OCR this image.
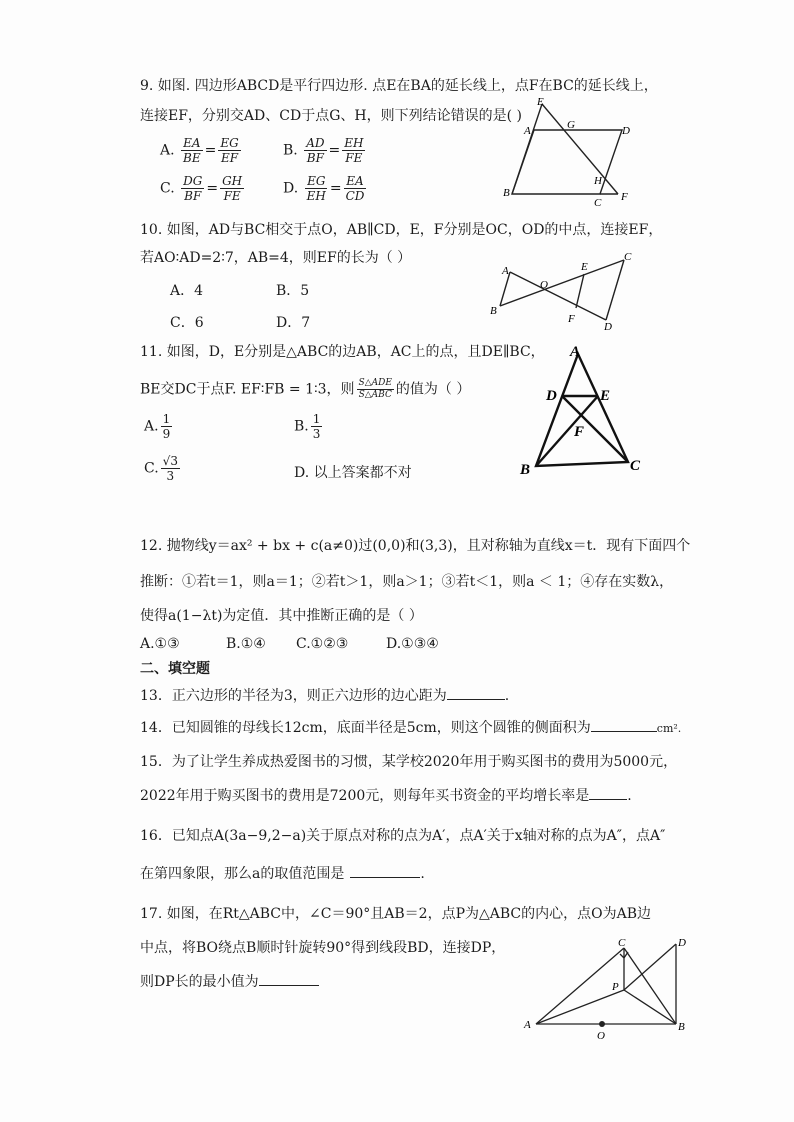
9. 如图. 四边形ABCD是平行四边形. 点E在BA的延长线上，点F在BC的延长线上，
连接EF，分别交AD、CD于点G、H，则下列结论错误的是( )
A. $\frac{EA}{BE} = \frac{EG}{EF}$	B. $\frac{AD}{BF} = \frac{EH}{FE}$
C. $\frac{DG}{BF} = \frac{GH}{FE}$	D. $\frac{EG}{EH} = \frac{EA}{CD}$
E
A	G	D
B
C
H
F
10. 如图，AD与BC相交于点O，AB∥CD，E，F分别是OC，OD的中点，连接EF，
若AO∶AD=2∶7，AB=4，则EF的长为（ ）
A．4	B．5
C．6	D．7
A
O
E
C
B
F
D
11. 如图，D，E分别是△ABC的边AB，AC上的点，且DE∥BC，
BE交DC于点F. EF∶FB = 1∶3，则 S△ADE
S△ABC 的值为（ ）
A. $\frac{1}{9}$	B. $\frac{1}{3}$
C. $\frac{√3}{3}$	D. 以上答案都不对
A
D	E
F
B	C
12. 抛物线y＝ax² + bx + c(a≠0)过(0,0)和(3,3)，且对称轴为直线x＝t．现有下面四个
推断：①若t＝1，则a＝1；②若t＞1，则a＞1；③若t＜1，则a ＜ 1；④存在实数λ，
使得a(1−λt)为定值．其中推断正确的是（ ）
A.①③	B.①④ C.①②③	D.①③④
二、填空题
13．正六边形的半径为3，则正六边形的边心距为	.
14．已知圆锥的母线长12cm，底面半径是5cm，则这个圆锥的侧面积为	cm².
15．为了让学生养成热爱图书的习惯，某学校2020年用于购买图书的费用为5000元，
2022年用于购买图书的费用是7200元，则每年买书资金的平均增长率是	.
16．已知点A(3a−9,2−a)关于原点对称的点为A′，点A′关于x轴对称的点为A″，点A″
在第四象限，那么a的取值范围是	.
17. 如图，在Rt△ABC中，∠C＝90°且AB＝2，点P为△ABC的内心，点O为AB边
中点，将BO绕点B顺时针旋转90°得到线段BD，连接DP，
则DP长的最小值为
C	D
P
A
O
B
